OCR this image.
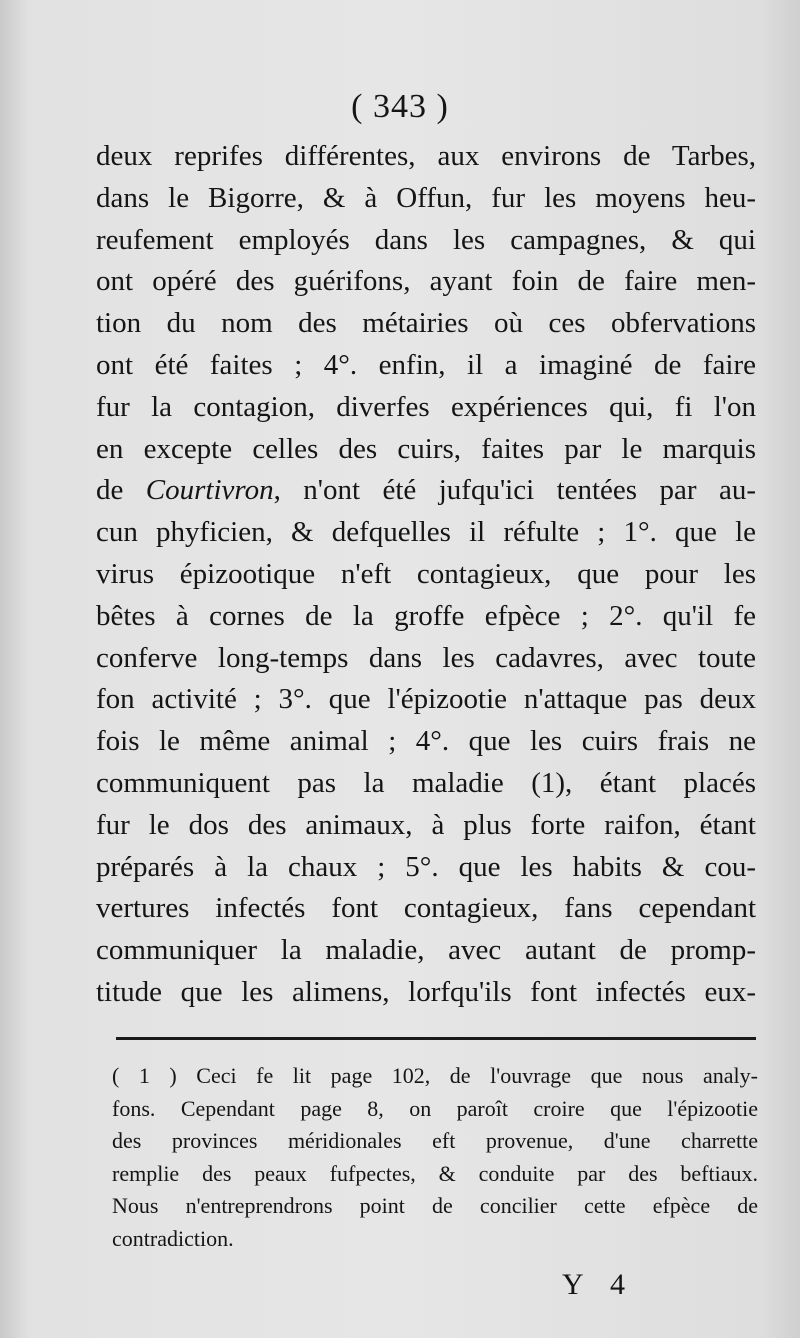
( 343 )
deux reprifes différentes, aux environs de Tarbes,
dans le Bigorre, & à Offun, fur les moyens heu-
reufement employés dans les campagnes, & qui
ont opéré des guérifons, ayant foin de faire men-
tion du nom des métairies où ces obfervations
ont été faites ; 4°. enfin, il a imaginé de faire
fur la contagion, diverfes expériences qui, fi l'on
en excepte celles des cuirs, faites par le marquis
de Courtivron, n'ont été jufqu'ici tentées par au-
cun phyficien, & defquelles il réfulte ; 1°. que le
virus épizootique n'eft contagieux, que pour les
bêtes à cornes de la groffe efpèce ; 2°. qu'il fe
conferve long-temps dans les cadavres, avec toute
fon activité ; 3°. que l'épizootie n'attaque pas deux
fois le même animal ; 4°. que les cuirs frais ne
communiquent pas la maladie (1), étant placés
fur le dos des animaux, à plus forte raifon, étant
préparés à la chaux ; 5°. que les habits & cou-
vertures infectés font contagieux, fans cependant
communiquer la maladie, avec autant de promp-
titude que les alimens, lorfqu'ils font infectés eux-
( 1 ) Ceci fe lit page 102, de l'ouvrage que nous analy-
fons. Cependant page 8, on paroît croire que l'épizootie
des provinces méridionales eft provenue, d'une charrette
remplie des peaux fufpectes, & conduite par des beftiaux.
Nous n'entreprendrons point de concilier cette efpèce de
contradiction.
Y 4
